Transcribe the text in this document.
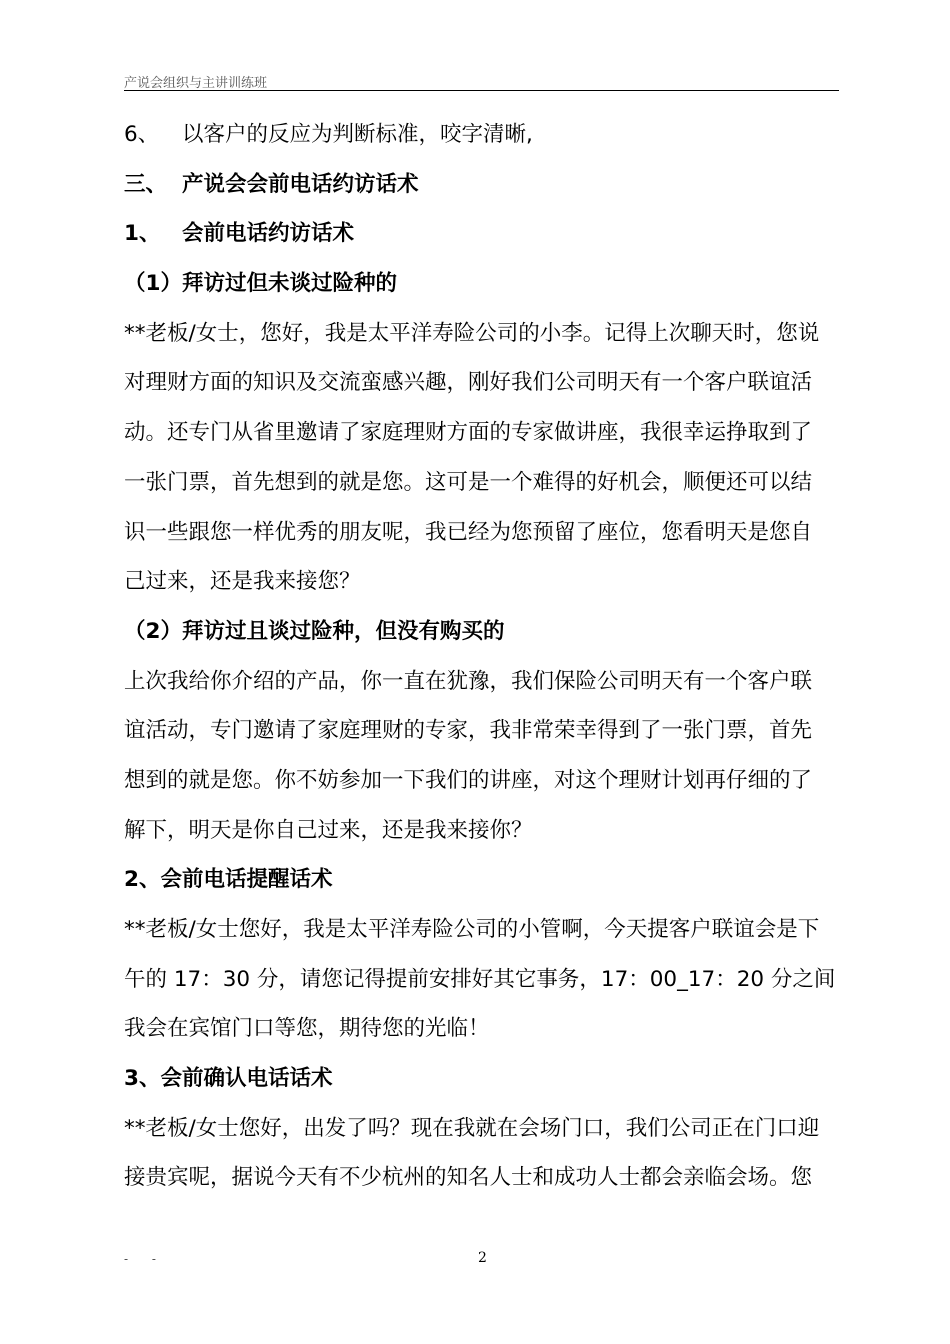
产说会组织与主讲训练班
6、 以客户的反应为判断标准，咬字清晰,
三、 产说会会前电话约访话术
1、 会前电话约访话术
（1）拜访过但未谈过险种的
**老板/女士，您好，我是太平洋寿险公司的小李。记得上次聊天时，您说
对理财方面的知识及交流蛮感兴趣，刚好我们公司明天有一个客户联谊活
动。还专门从省里邀请了家庭理财方面的专家做讲座，我很幸运挣取到了
一张门票，首先想到的就是您。这可是一个难得的好机会，顺便还可以结
识一些跟您一样优秀的朋友呢，我已经为您预留了座位，您看明天是您自
己过来，还是我来接您？
（2）拜访过且谈过险种，但没有购买的
上次我给你介绍的产品，你一直在犹豫，我们保险公司明天有一个客户联
谊活动，专门邀请了家庭理财的专家，我非常荣幸得到了一张门票，首先
想到的就是您。你不妨参加一下我们的讲座，对这个理财计划再仔细的了
解下，明天是你自己过来，还是我来接你？
2、会前电话提醒话术
**老板/女士您好，我是太平洋寿险公司的小管啊，今天提客户联谊会是下
午的 17：30 分，请您记得提前安排好其它事务，17：00_17：20 分之间
我会在宾馆门口等您，期待您的光临！
3、会前确认电话话术
**老板/女士您好，出发了吗？现在我就在会场门口，我们公司正在门口迎
接贵宾呢，据说今天有不少杭州的知名人士和成功人士都会亲临会场。您
- -	2
